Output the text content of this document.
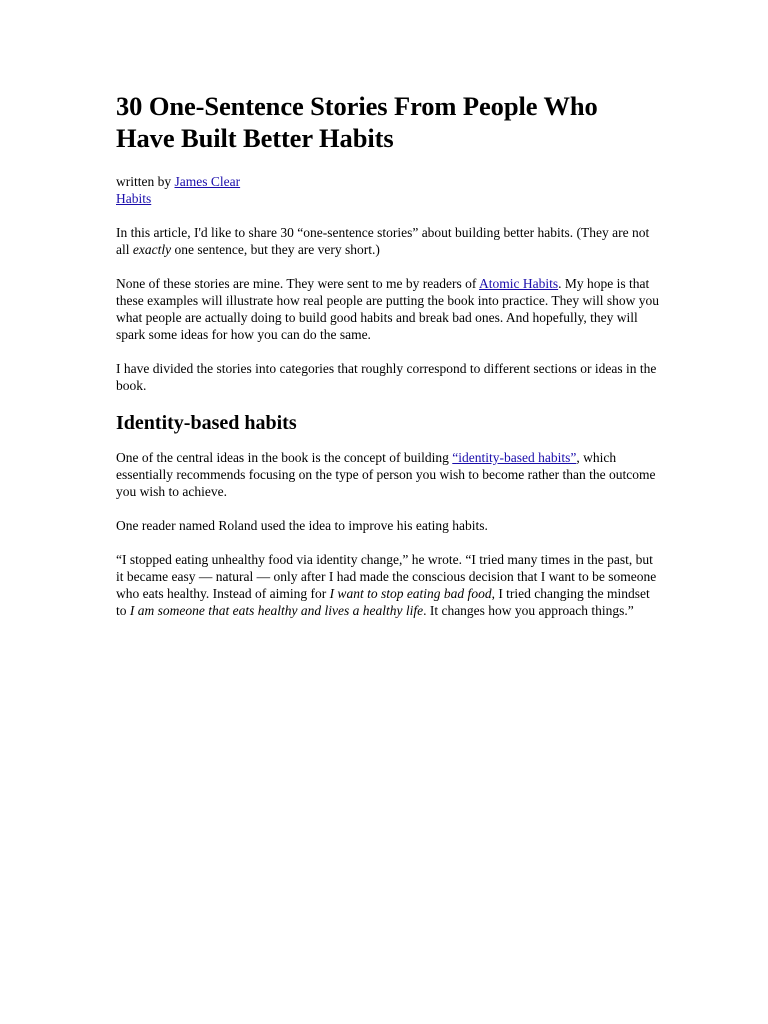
30 One-Sentence Stories From People Who Have Built Better Habits
written by James Clear
Habits

In this article, I'd like to share 30 “one-sentence stories” about building better habits. (They are not all exactly one sentence, but they are very short.)

None of these stories are mine. They were sent to me by readers of Atomic Habits. My hope is that these examples will illustrate how real people are putting the book into practice. They will show you what people are actually doing to build good habits and break bad ones. And hopefully, they will spark some ideas for how you can do the same.

I have divided the stories into categories that roughly correspond to different sections or ideas in the book.

Identity-based habits

One of the central ideas in the book is the concept of building “identity-based habits”, which essentially recommends focusing on the type of person you wish to become rather than the outcome you wish to achieve.

One reader named Roland used the idea to improve his eating habits.

“I stopped eating unhealthy food via identity change,” he wrote. “I tried many times in the past, but it became easy — natural — only after I had made the conscious decision that I want to be someone who eats healthy. Instead of aiming for I want to stop eating bad food, I tried changing the mindset to I am someone that eats healthy and lives a healthy life. It changes how you approach things.”
